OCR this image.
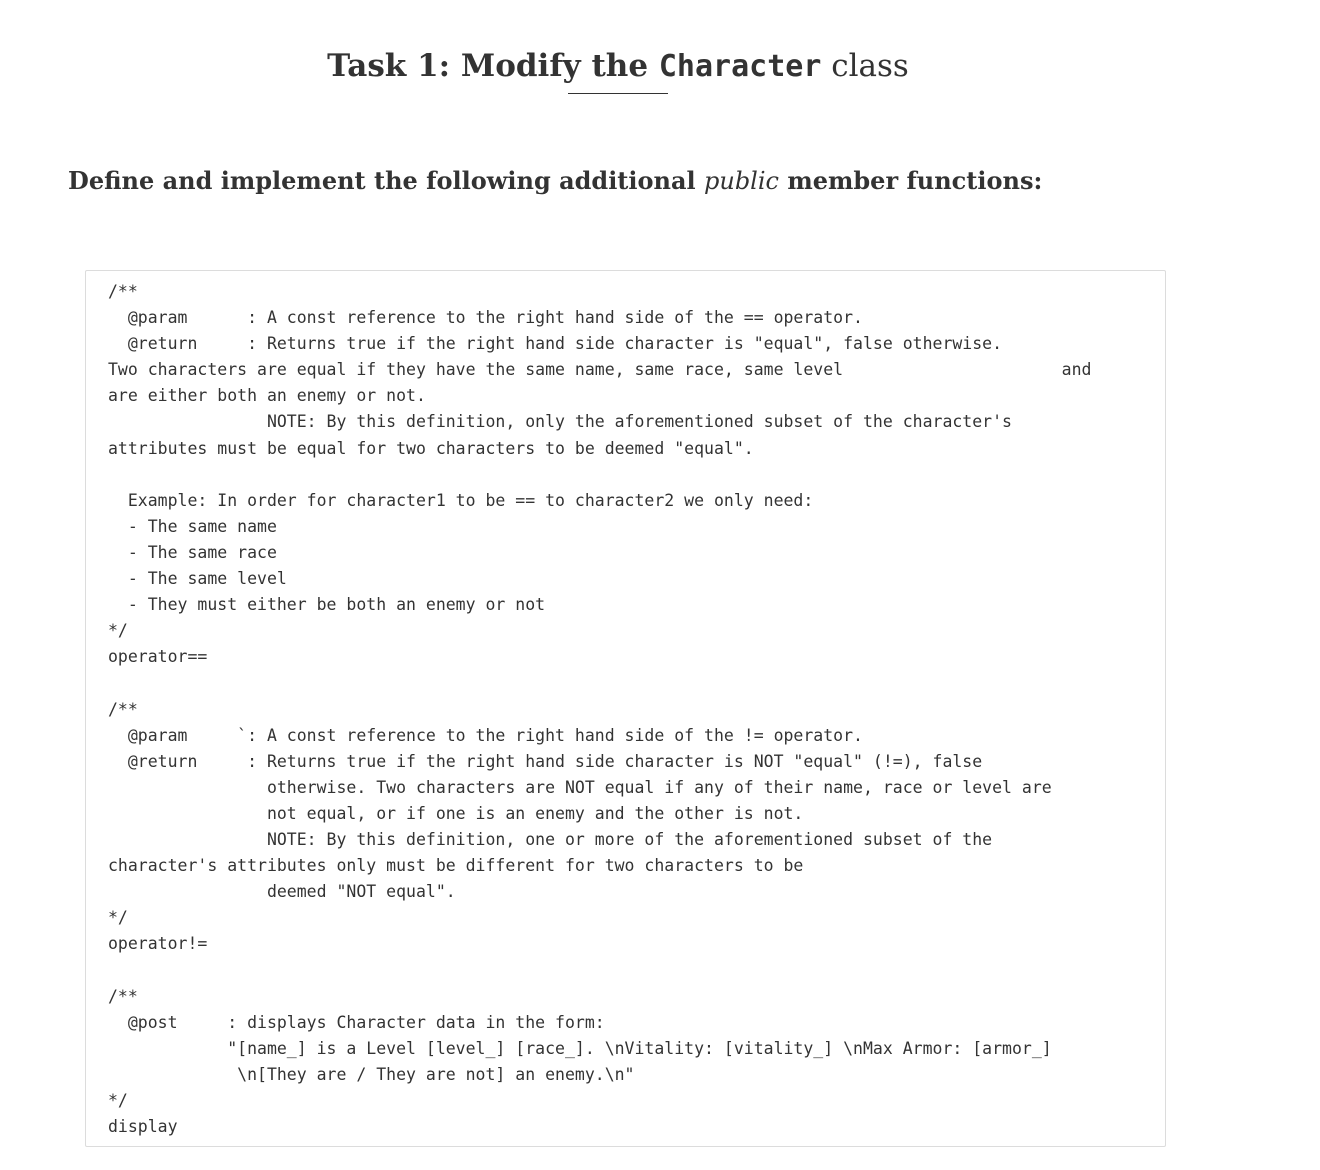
Task 1: Modify the Character class
Define and implement the following additional public member functions:
/**
@param      : A const reference to the right hand side of the == operator.
@return     : Returns true if the right hand side character is "equal", false otherwise.
Two characters are equal if they have the same name, same race, same level                      and
are either both an enemy or not.
NOTE: By this definition, only the aforementioned subset of the character's
attributes must be equal for two characters to be deemed "equal".

Example: In order for character1 to be == to character2 we only need:
- The same name
- The same race
- The same level
- They must either be both an enemy or not
*/
operator==

/**
@param     `: A const reference to the right hand side of the != operator.
@return     : Returns true if the right hand side character is NOT "equal" (!=), false
otherwise. Two characters are NOT equal if any of their name, race or level are
not equal, or if one is an enemy and the other is not.
NOTE: By this definition, one or more of the aforementioned subset of the
character's attributes only must be different for two characters to be
deemed "NOT equal".
*/
operator!=

/**
@post     : displays Character data in the form:
"[name_] is a Level [level_] [race_]. \nVitality: [vitality_] \nMax Armor: [armor_]
\n[They are / They are not] an enemy.\n"
*/
display
